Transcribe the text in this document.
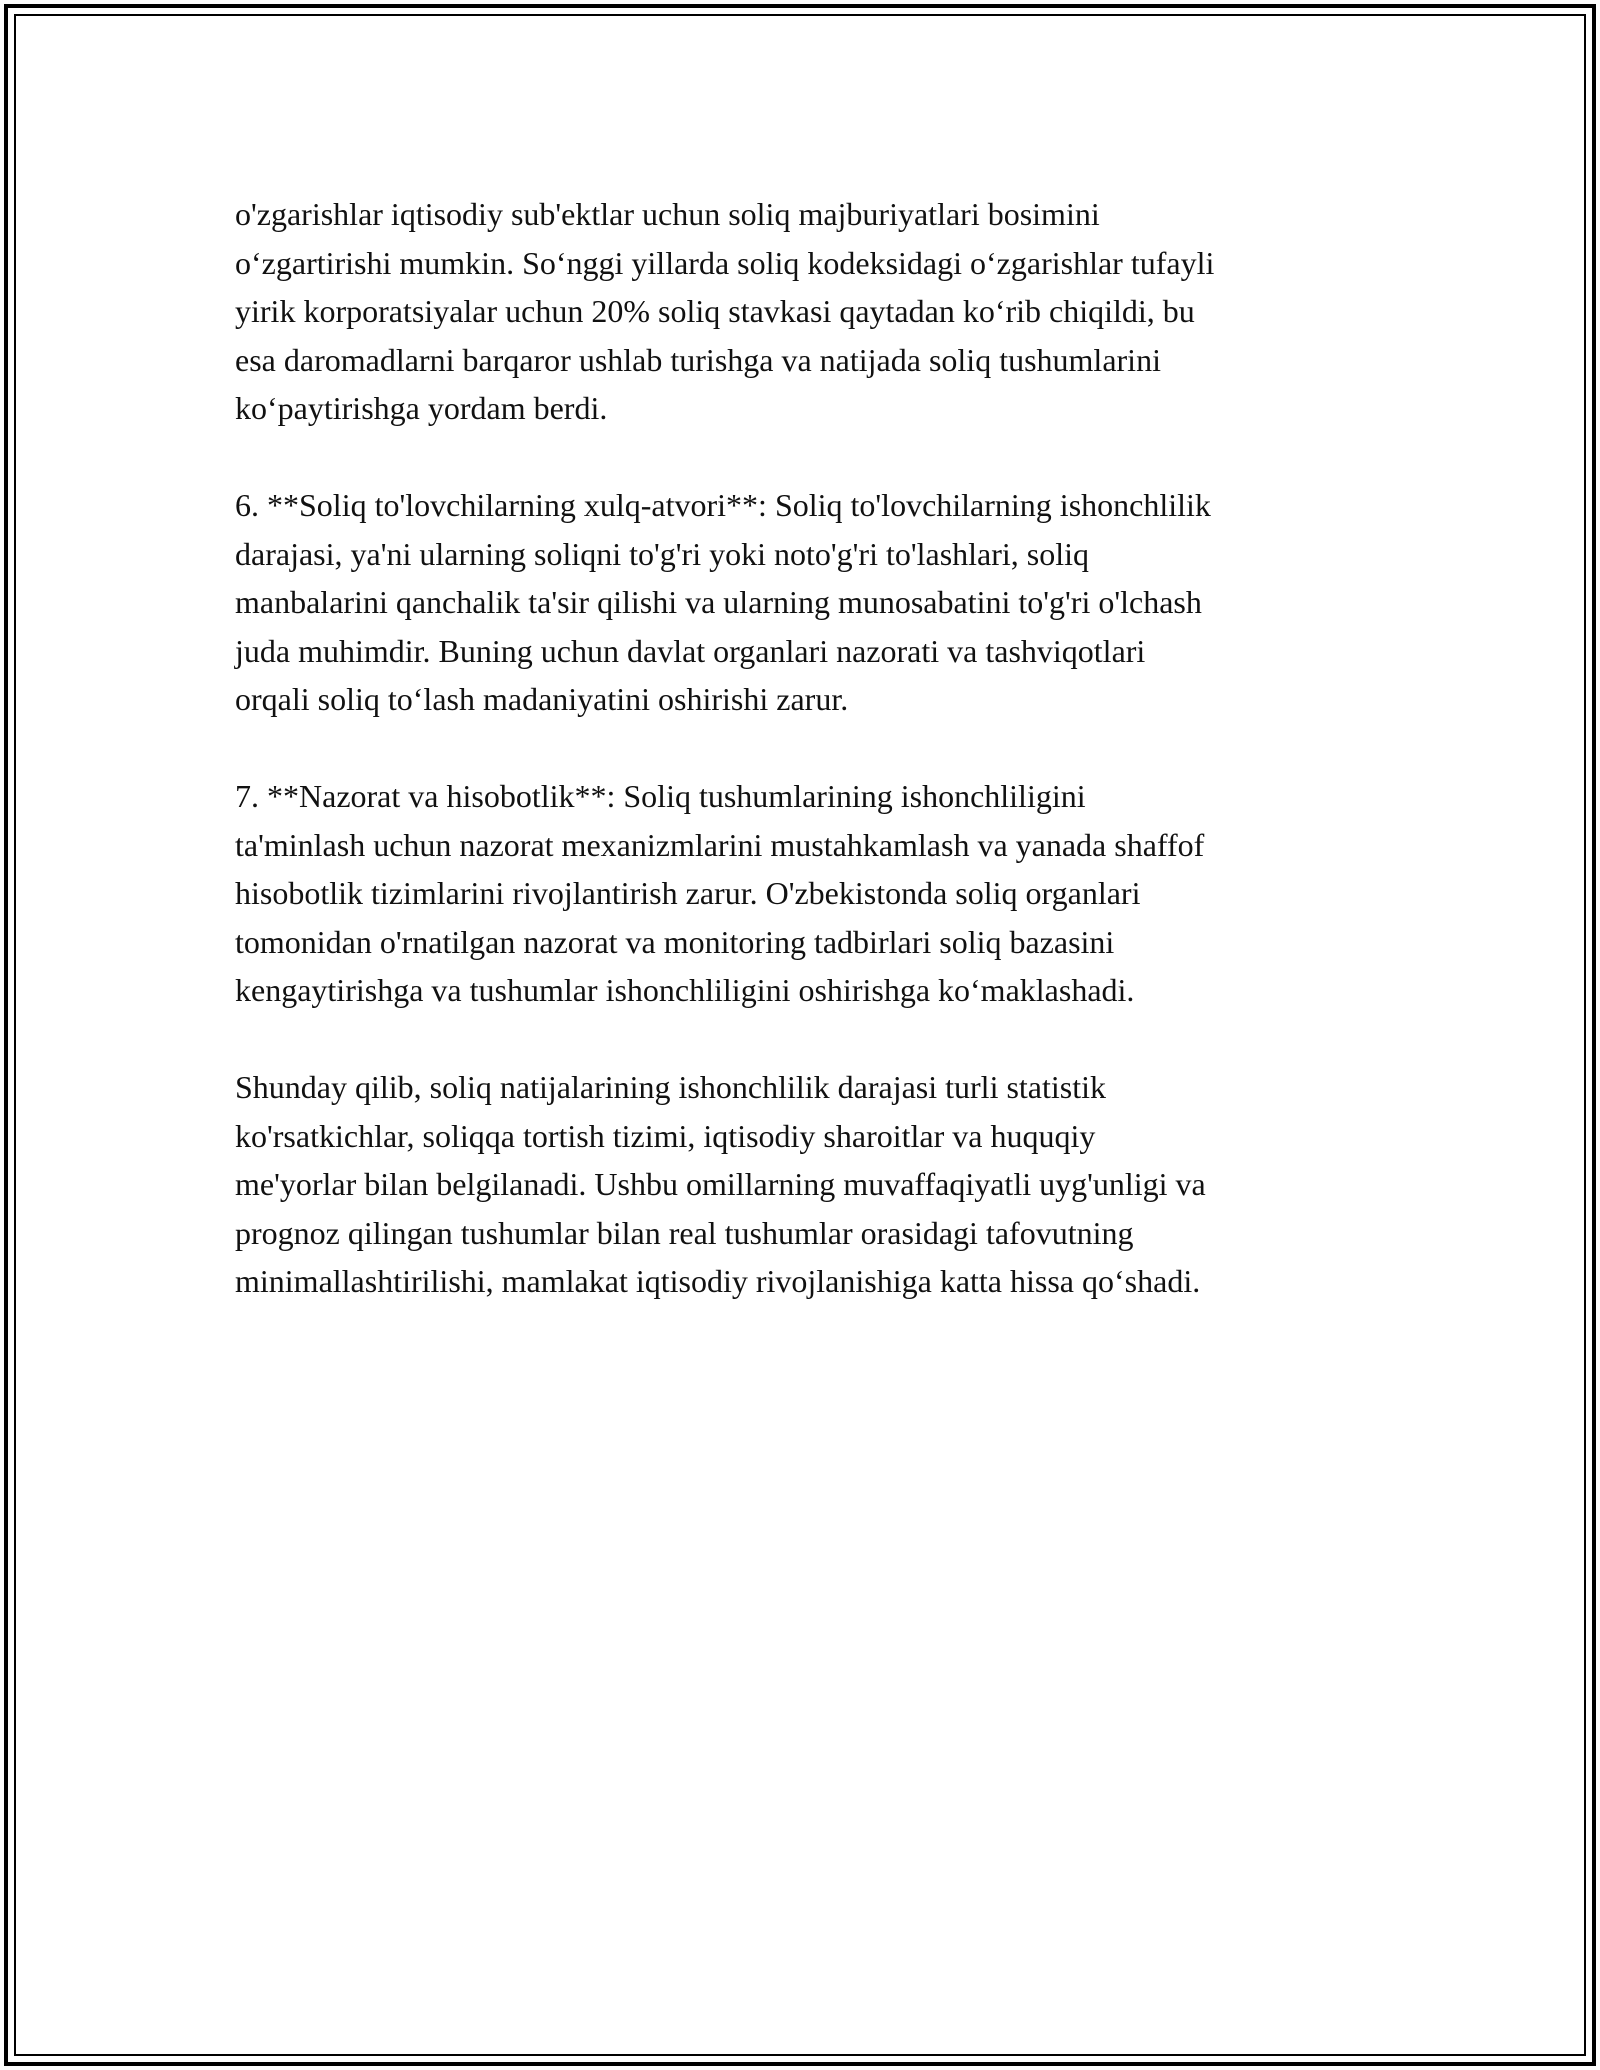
o'zgarishlar iqtisodiy sub'ektlar uchun soliq majburiyatlari bosimini
o‘zgartirishi mumkin. So‘nggi yillarda soliq kodeksidagi o‘zgarishlar tufayli
yirik korporatsiyalar uchun 20% soliq stavkasi qaytadan ko‘rib chiqildi, bu
esa daromadlarni barqaror ushlab turishga va natijada soliq tushumlarini
ko‘paytirishga yordam berdi.

6. **Soliq to'lovchilarning xulq-atvori**: Soliq to'lovchilarning ishonchlilik
darajasi, ya'ni ularning soliqni to'g'ri yoki noto'g'ri to'lashlari, soliq
manbalarini qanchalik ta'sir qilishi va ularning munosabatini to'g'ri o'lchash
juda muhimdir. Buning uchun davlat organlari nazorati va tashviqotlari
orqali soliq to‘lash madaniyatini oshirishi zarur.

7. **Nazorat va hisobotlik**: Soliq tushumlarining ishonchliligini
ta'minlash uchun nazorat mexanizmlarini mustahkamlash va yanada shaffof
hisobotlik tizimlarini rivojlantirish zarur. O'zbekistonda soliq organlari
tomonidan o'rnatilgan nazorat va monitoring tadbirlari soliq bazasini
kengaytirishga va tushumlar ishonchliligini oshirishga ko‘maklashadi.

Shunday qilib, soliq natijalarining ishonchlilik darajasi turli statistik
ko'rsatkichlar, soliqqa tortish tizimi, iqtisodiy sharoitlar va huquqiy
me'yorlar bilan belgilanadi. Ushbu omillarning muvaffaqiyatli uyg'unligi va
prognoz qilingan tushumlar bilan real tushumlar orasidagi tafovutning
minimallashtirilishi, mamlakat iqtisodiy rivojlanishiga katta hissa qo‘shadi.
